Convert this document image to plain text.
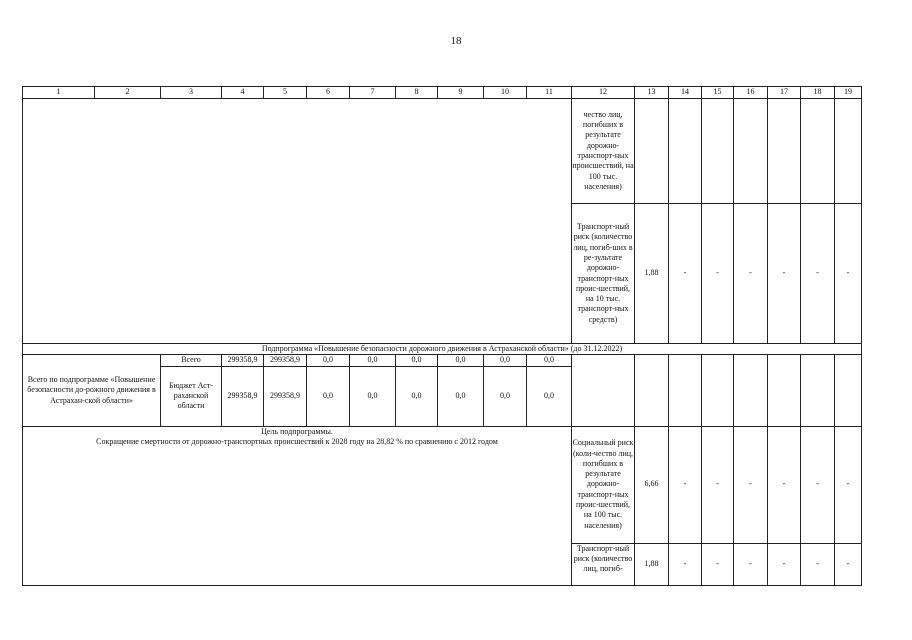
18
1	2	3	4	5	6	7	8	9	10	11	12	13	14	15	16	17	18	19
											чество лиц, погибших в результате дорожно-транспорт-ных происшествий, на 100 тыс. населения)							
											Транспорт-ный риск (количество лиц, погиб-ших в ре-зультате дорожно-транспорт-ных проис-шествий, на 10 тыс. транспорт-ных средств)	1,88	-	-	-	-	-	-
Подпрограмма «Повышение безопасности дорожного движения в Астраханской области» (до 31.12.2022)																		
Всего по подпрограмме «Повышение безопасности до-рожного движения в Астрахан-ской области»		Всего	299358,9	299358,9	0,0	0,0	0,0	0,0	0,0	0,0								
		Бюджет Аст-раханской области	299358,9	299358,9	0,0	0,0	0,0	0,0	0,0	0,0								

Цель подпрограммы.
Сокращение смертности от дорожно-транспортных происшествий к 2028 году на 28,82 % по сравнению с 2012 годом											Социальный риск (коли-чество лиц, погибших в результате дорожно-транспорт-ных проис-шествий, на 100 тыс. населения)	6,66	-	-	-	-	-	-
											Транспорт-ный риск (количество лиц, погиб-	1,88	-	-	-	-	-	-
